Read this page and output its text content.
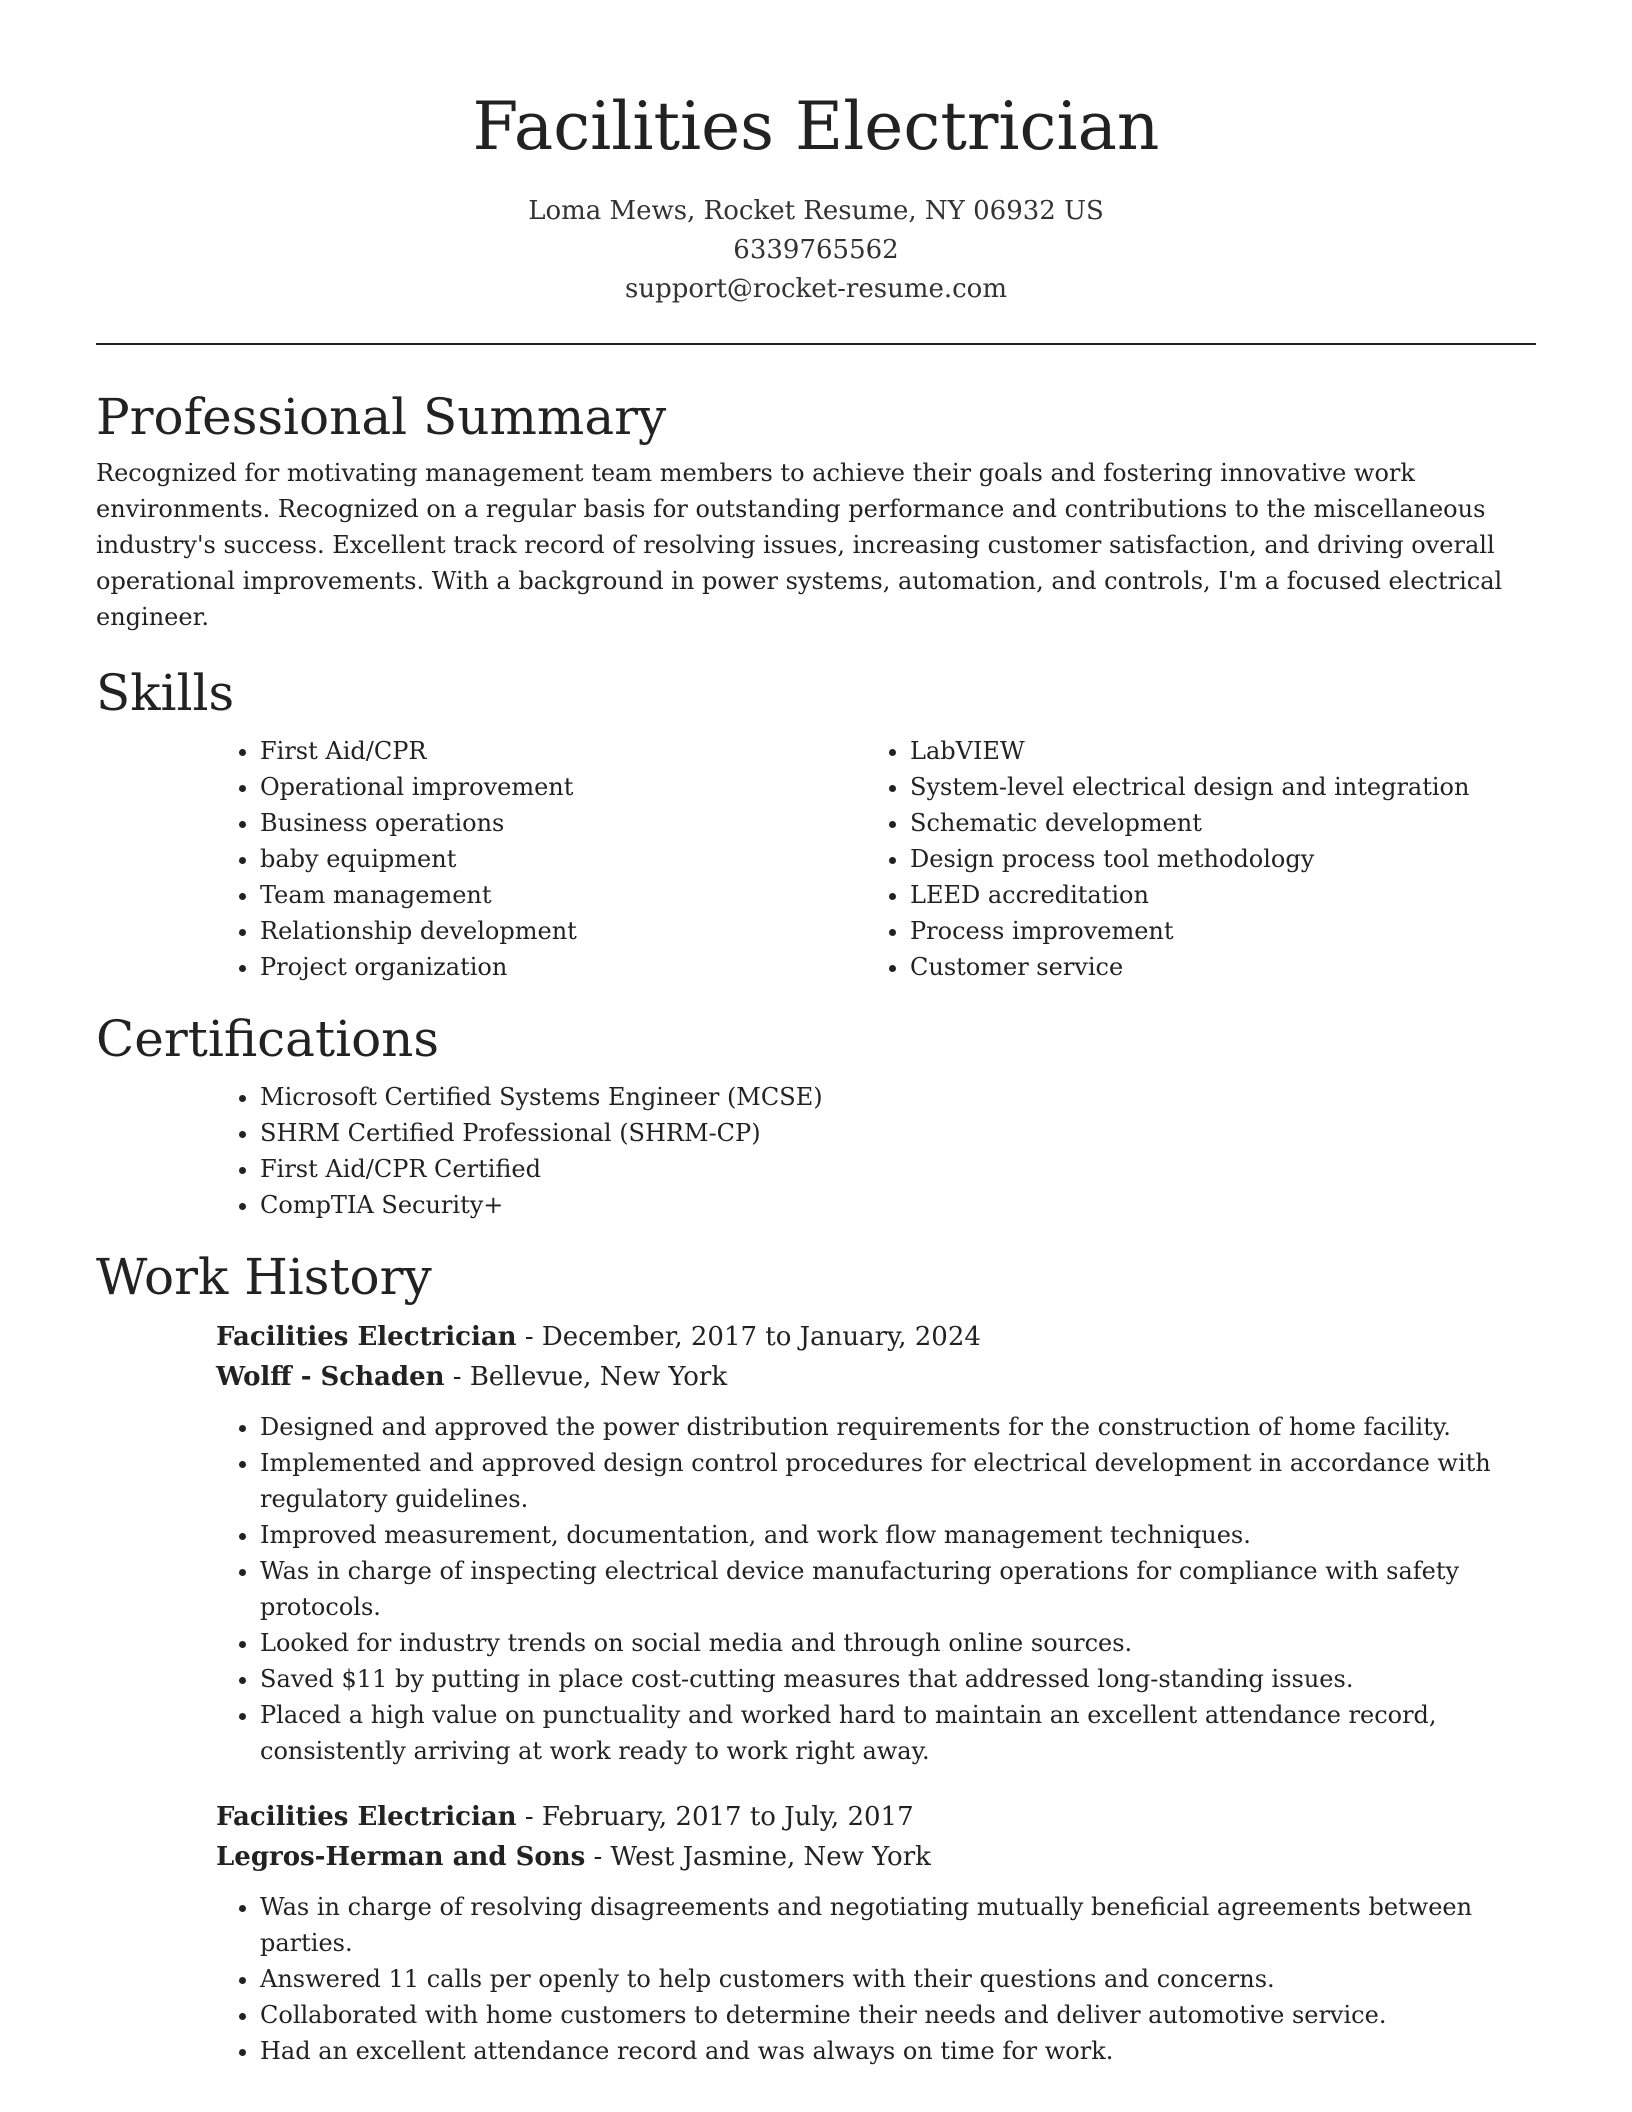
Facilities Electrician
Loma Mews, Rocket Resume, NY 06932 US
6339765562
support@rocket-resume.com
Professional Summary

Recognized for motivating management team members to achieve their goals and fostering innovative work environments. Recognized on a regular basis for outstanding performance and contributions to the miscellaneous industry's success. Excellent track record of resolving issues, increasing customer satisfaction, and driving overall operational improvements. With a background in power systems, automation, and controls, I'm a focused electrical engineer.

Skills
• First Aid/CPR
• Operational improvement
• Business operations
• baby equipment
• Team management
• Relationship development
• Project organization
• LabVIEW
• System-level electrical design and integration
• Schematic development
• Design process tool methodology
• LEED accreditation
• Process improvement
• Customer service
Certifications
• Microsoft Certified Systems Engineer (MCSE)
• SHRM Certified Professional (SHRM-CP)
• First Aid/CPR Certified
• CompTIA Security+
Work History
Facilities Electrician - December, 2017 to January, 2024
Wolff - Schaden - Bellevue, New York
• Designed and approved the power distribution requirements for the construction of home facility.
• Implemented and approved design control procedures for electrical development in accordance with regulatory guidelines.
• Improved measurement, documentation, and work flow management techniques.
• Was in charge of inspecting electrical device manufacturing operations for compliance with safety protocols.
• Looked for industry trends on social media and through online sources.
• Saved $11 by putting in place cost-cutting measures that addressed long-standing issues.
• Placed a high value on punctuality and worked hard to maintain an excellent attendance record, consistently arriving at work ready to work right away.
Facilities Electrician - February, 2017 to July, 2017
Legros-Herman and Sons - West Jasmine, New York
• Was in charge of resolving disagreements and negotiating mutually beneficial agreements between parties.
• Answered 11 calls per openly to help customers with their questions and concerns.
• Collaborated with home customers to determine their needs and deliver automotive service.
• Had an excellent attendance record and was always on time for work.
